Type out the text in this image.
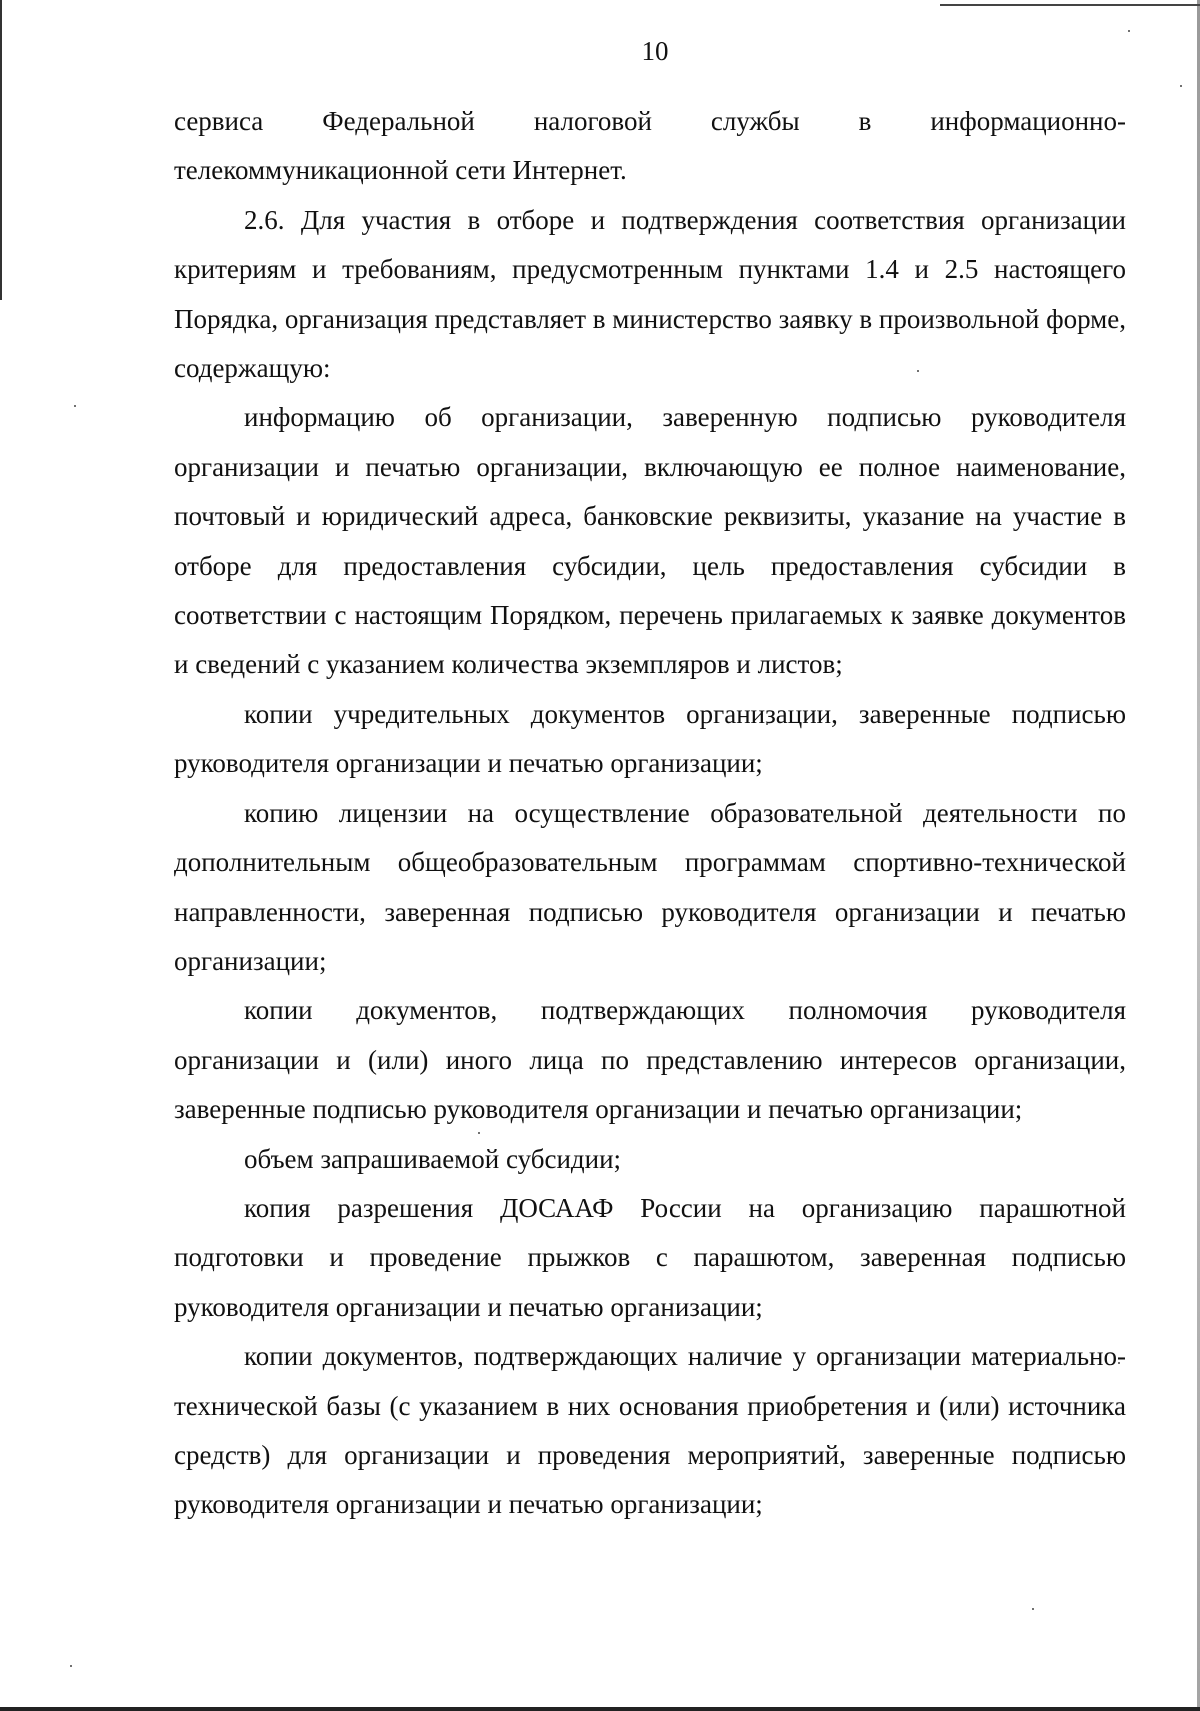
10

сервиса Федеральной налоговой службы в информационно-телекоммуникационной сети Интернет.

2.6. Для участия в отборе и подтверждения соответствия организации критериям и требованиям, предусмотренным пунктами 1.4 и 2.5 настоящего Порядка, организация представляет в министерство заявку в произвольной форме, содержащую:

информацию об организации, заверенную подписью руководителя организации и печатью организации, включающую ее полное наименование, почтовый и юридический адреса, банковские реквизиты, указание на участие в отборе для предоставления субсидии, цель предоставления субсидии в соответствии с настоящим Порядком, перечень прилагаемых к заявке документов и сведений с указанием количества экземпляров и листов;

копии учредительных документов организации, заверенные подписью руководителя организации и печатью организации;

копию лицензии на осуществление образовательной деятельности по дополнительным общеобразовательным программам спортивно-технической направленности, заверенная подписью руководителя организации и печатью организации;

копии документов, подтверждающих полномочия руководителя организации и (или) иного лица по представлению интересов организации, заверенные подписью руководителя организации и печатью организации;

объем запрашиваемой субсидии;

копия разрешения ДОСААФ России на организацию парашютной подготовки и проведение прыжков с парашютом, заверенная подписью руководителя организации и печатью организации;

копии документов, подтверждающих наличие у организации материально-технической базы (с указанием в них основания приобретения и (или) источника средств) для организации и проведения мероприятий, заверенные подписью руководителя организации и печатью организации;
